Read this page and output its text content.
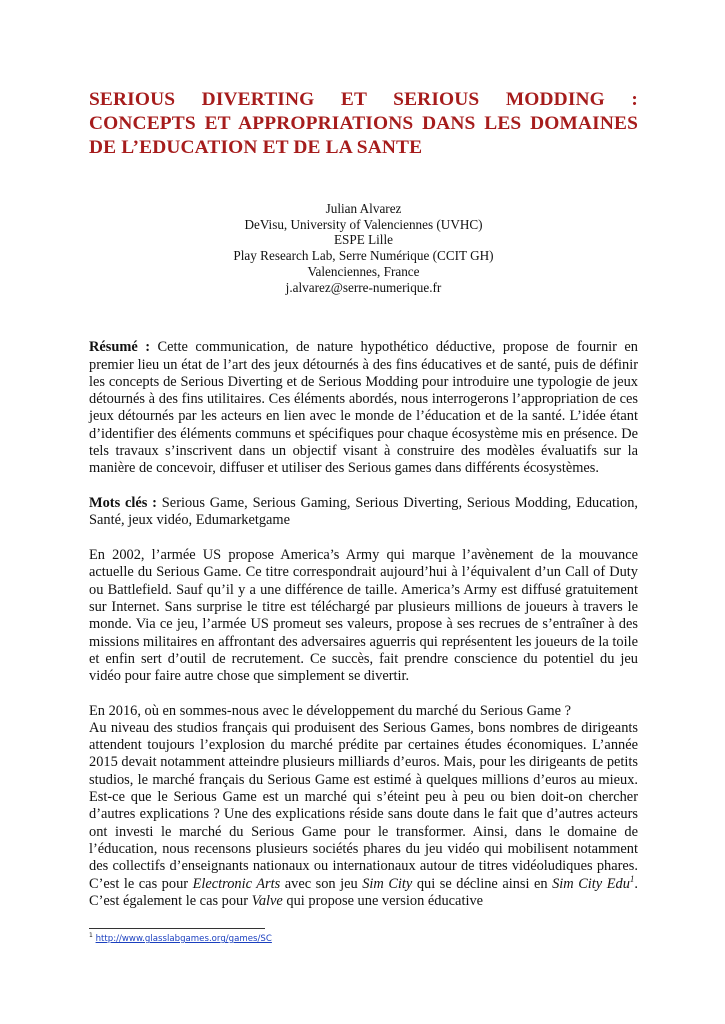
SERIOUS DIVERTING ET SERIOUS MODDING : CONCEPTS ET APPROPRIATIONS DANS LES DOMAINES DE L’EDUCATION ET DE LA SANTE
Julian Alvarez
DeVisu, University of Valenciennes (UVHC)
ESPE Lille
Play Research Lab, Serre Numérique (CCIT GH)
Valenciennes, France
j.alvarez@serre-numerique.fr

Résumé : Cette communication, de nature hypothético déductive, propose de fournir en premier lieu un état de l’art des jeux détournés à des fins éducatives et de santé, puis de définir les concepts de Serious Diverting et de Serious Modding pour introduire une typologie de jeux détournés à des fins utilitaires. Ces éléments abordés, nous interrogerons l’appropriation de ces jeux détournés par les acteurs en lien avec le monde de l’éducation et de la santé. L’idée étant d’identifier des éléments communs et spécifiques pour chaque écosystème mis en présence. De tels travaux s’inscrivent dans un objectif visant à construire des modèles évaluatifs sur la manière de concevoir, diffuser et utiliser des Serious games dans différents écosystèmes.

Mots clés : Serious Game, Serious Gaming, Serious Diverting, Serious Modding, Education, Santé, jeux vidéo, Edumarketgame

En 2002, l’armée US propose America’s Army qui marque l’avènement de la mouvance actuelle du Serious Game. Ce titre correspondrait aujourd’hui à l’équivalent d’un Call of Duty ou Battlefield. Sauf qu’il y a une différence de taille. America’s Army est diffusé gratuitement sur Internet. Sans surprise le titre est téléchargé par plusieurs millions de joueurs à travers le monde. Via ce jeu, l’armée US promeut ses valeurs, propose à ses recrues de s’entraîner à des missions militaires en affrontant des adversaires aguerris qui représentent les joueurs de la toile et enfin sert d’outil de recrutement. Ce succès, fait prendre conscience du potentiel du jeu vidéo pour faire autre chose que simplement se divertir.

En 2016, où en sommes-nous avec le développement du marché du Serious Game ?
Au niveau des studios français qui produisent des Serious Games, bons nombres de dirigeants attendent toujours l’explosion du marché prédite par certaines études économiques. L’année 2015 devait notamment atteindre plusieurs milliards d’euros. Mais, pour les dirigeants de petits studios, le marché français du Serious Game est estimé à quelques millions d’euros au mieux. Est-ce que le Serious Game est un marché qui s’éteint peu à peu ou bien doit-on chercher d’autres explications ? Une des explications réside sans doute dans le fait que d’autres acteurs ont investi le marché du Serious Game pour le transformer. Ainsi, dans le domaine de l’éducation, nous recensons plusieurs sociétés phares du jeu vidéo qui mobilisent notamment des collectifs d’enseignants nationaux ou internationaux autour de titres vidéoludiques phares. C’est le cas pour Electronic Arts avec son jeu Sim City qui se décline ainsi en Sim City Edu$^1$. C’est également le cas pour Valve qui propose une version éducative

$^1$ http://www.glasslabgames.org/games/SC
